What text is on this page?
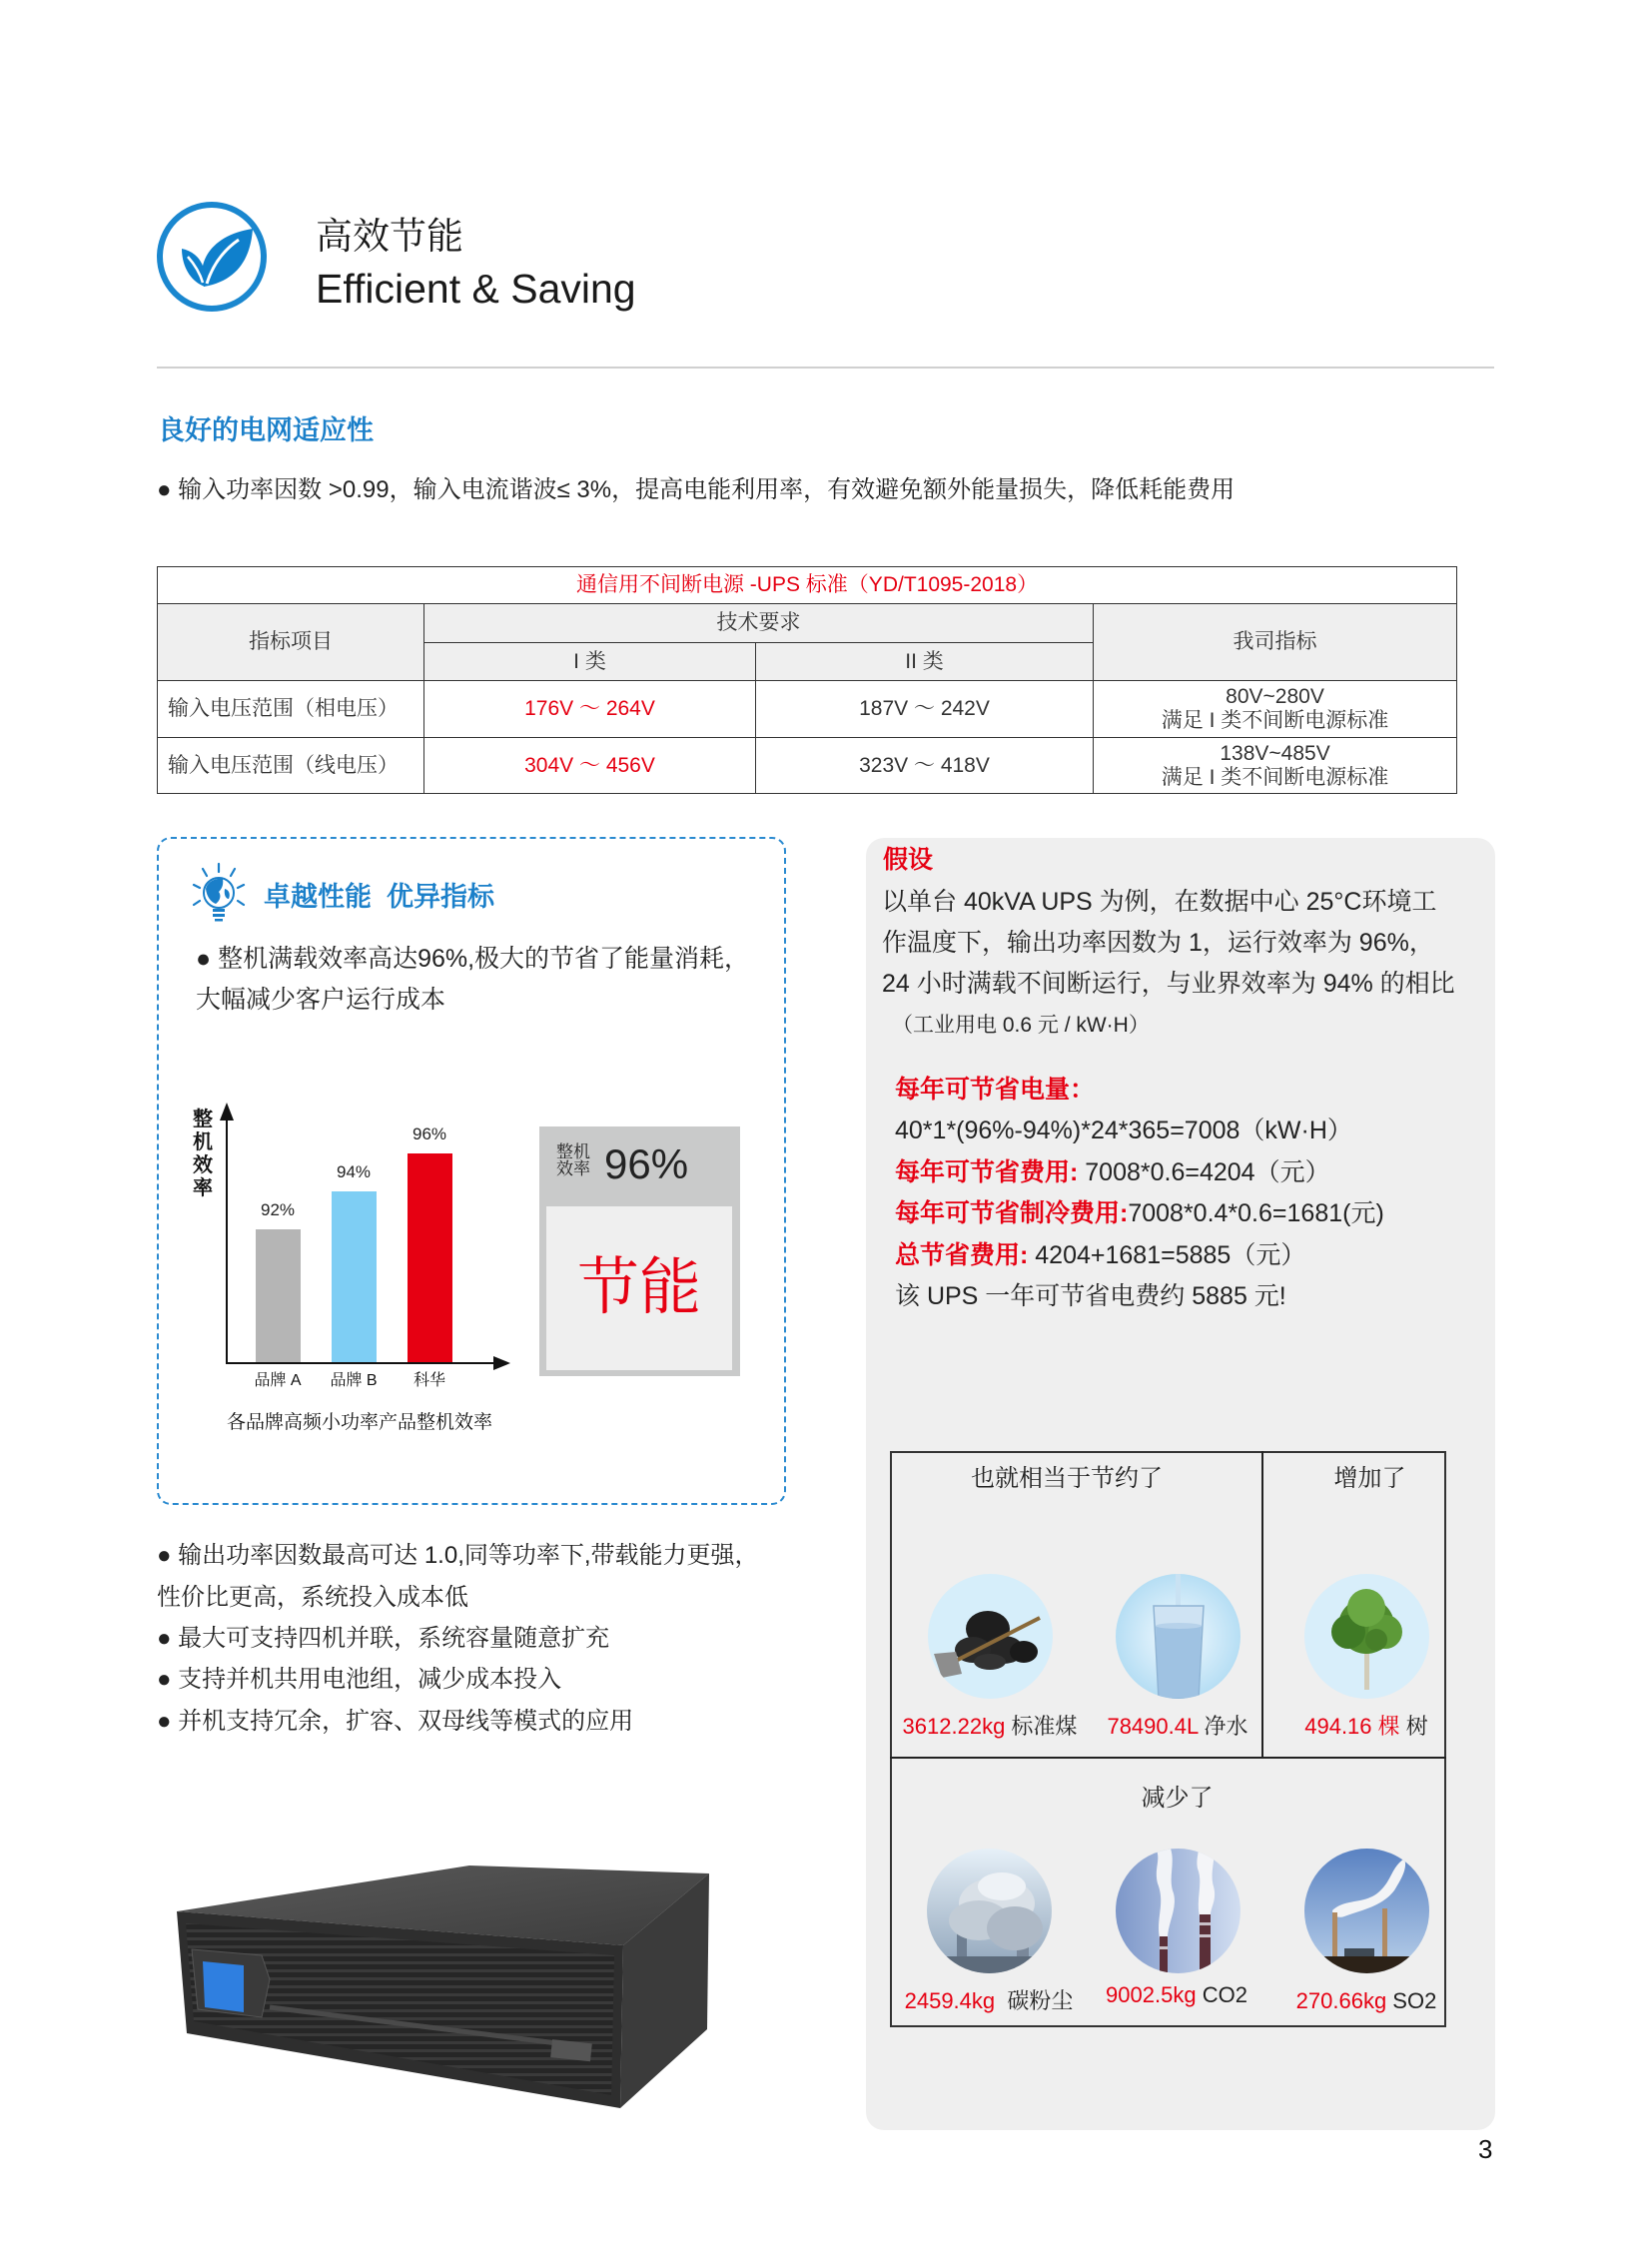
高效节能
Efficient & Saving
良好的电网适应性
● 输入功率因数 >0.99，输入电流谐波≤ 3%，提高电能利用率，有效避免额外能量损失，降低耗能费用
通信用不间断电源 -UPS 标准（YD/T1095-2018）			
指标项目	技术要求		我司指标
	I 类	II 类	
输入电压范围（相电压）	176V ～ 264V	187V ～ 242V	80V~280V
满足 I 类不间断电源标准

输入电压范围（线电压）	304V ～ 456V	323V ～ 418V	138V~485V
满足 I 类不间断电源标准
卓越性能  优异指标
● 整机满载效率高达96%,极大的节省了能量消耗，
大幅减少客户运行成本
整机效率
92%
94%
96%
品牌 A	品牌 B	科华
各品牌高频小功率产品整机效率
整机效率 96%
节能
● 输出功率因数最高可达 1.0,同等功率下,带载能力更强，
性价比更高，系统投入成本低
● 最大可支持四机并联，系统容量随意扩充
● 支持并机共用电池组，减少成本投入
● 并机支持冗余，扩容、双母线等模式的应用
假设
以单台 40kVA UPS 为例，在数据中心 25°C环境工
作温度下，输出功率因数为 1，运行效率为 96%，
24 小时满载不间断运行，与业界效率为 94% 的相比
（工业用电 0.6 元 / kW·H）
每年可节省电量：
40*1*(96%-94%)*24*365=7008（kW·H）
每年可节省费用: 7008*0.6=4204（元）
每年可节省制冷费用:7008*0.4*0.6=1681(元)
总节省费用: 4204+1681=5885（元）
该 UPS 一年可节省电费约 5885 元!
也就相当于节约了	增加了
减少了
3612.22kg 标准煤	78490.4L 净水	494.16 棵 树
2459.4kg  碳粉尘	9002.5kg CO2	270.66kg SO2
3
